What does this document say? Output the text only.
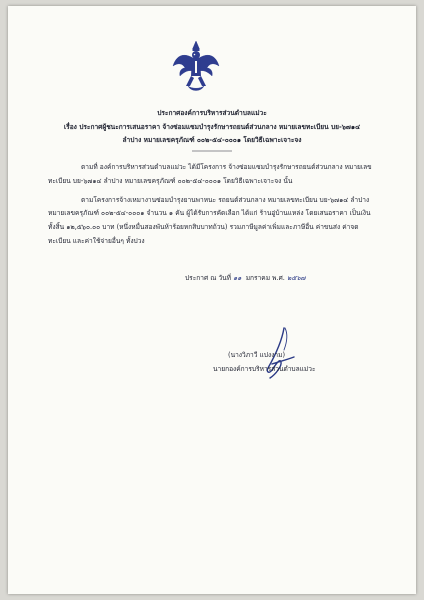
ประกาศองค์การบริหารส่วนตำบลแม่วะ
เรื่อง ประกาศผู้ชนะการเสนอราคา จ้างซ่อมแซมบำรุงรักษารถยนต์ส่วนกลาง หมายเลขทะเบียน บย-๖๗๑๔
ลำปาง หมายเลขครุภัณฑ์ ๐๐๒-๕๔-๐๐๐๑ โดยวิธีเฉพาะเจาะจง
ตามที่ องค์การบริหารส่วนตำบลแม่วะ ได้มีโครงการ จ้างซ่อมแซมบำรุงรักษารถยนต์ส่วนกลาง หมายเลข
ทะเบียน บย-๖๗๑๔ ลำปาง หมายเลขครุภัณฑ์ ๐๐๒-๕๔-๐๐๐๑ โดยวิธีเฉพาะเจาะจง นั้น
ตามโครงการจ้างเหมางานซ่อมบำรุงยานพาหนะ รถยนต์ส่วนกลาง หมายเลขทะเบียน บย-๖๗๑๔ ลำปาง
หมายเลขครุภัณฑ์ ๐๐๒-๕๔-๐๐๐๑ จำนวน ๑ คัน ผู้ได้รับการคัดเลือก ได้แก่ ร้านอู่บ้านแหล่ง โดยเสนอราคา เป็นเงิน
ทั้งสิ้น ๑๒,๕๖๐.๐๐ บาท (หนึ่งหมื่นสองพันห้าร้อยหกสิบบาทถ้วน) รวมภาษีมูลค่าเพิ่มและภาษีอื่น ค่าขนส่ง ค่าจด
ทะเบียน และค่าใช้จ่ายอื่นๆ ทั้งปวง
ประกาศ ณ วันที่ ๑๑ มกราคม พ.ศ. ๒๕๖๗
(นางวิภาวี แปงงาม)
นายกองค์การบริหารส่วนตำบลแม่วะ
